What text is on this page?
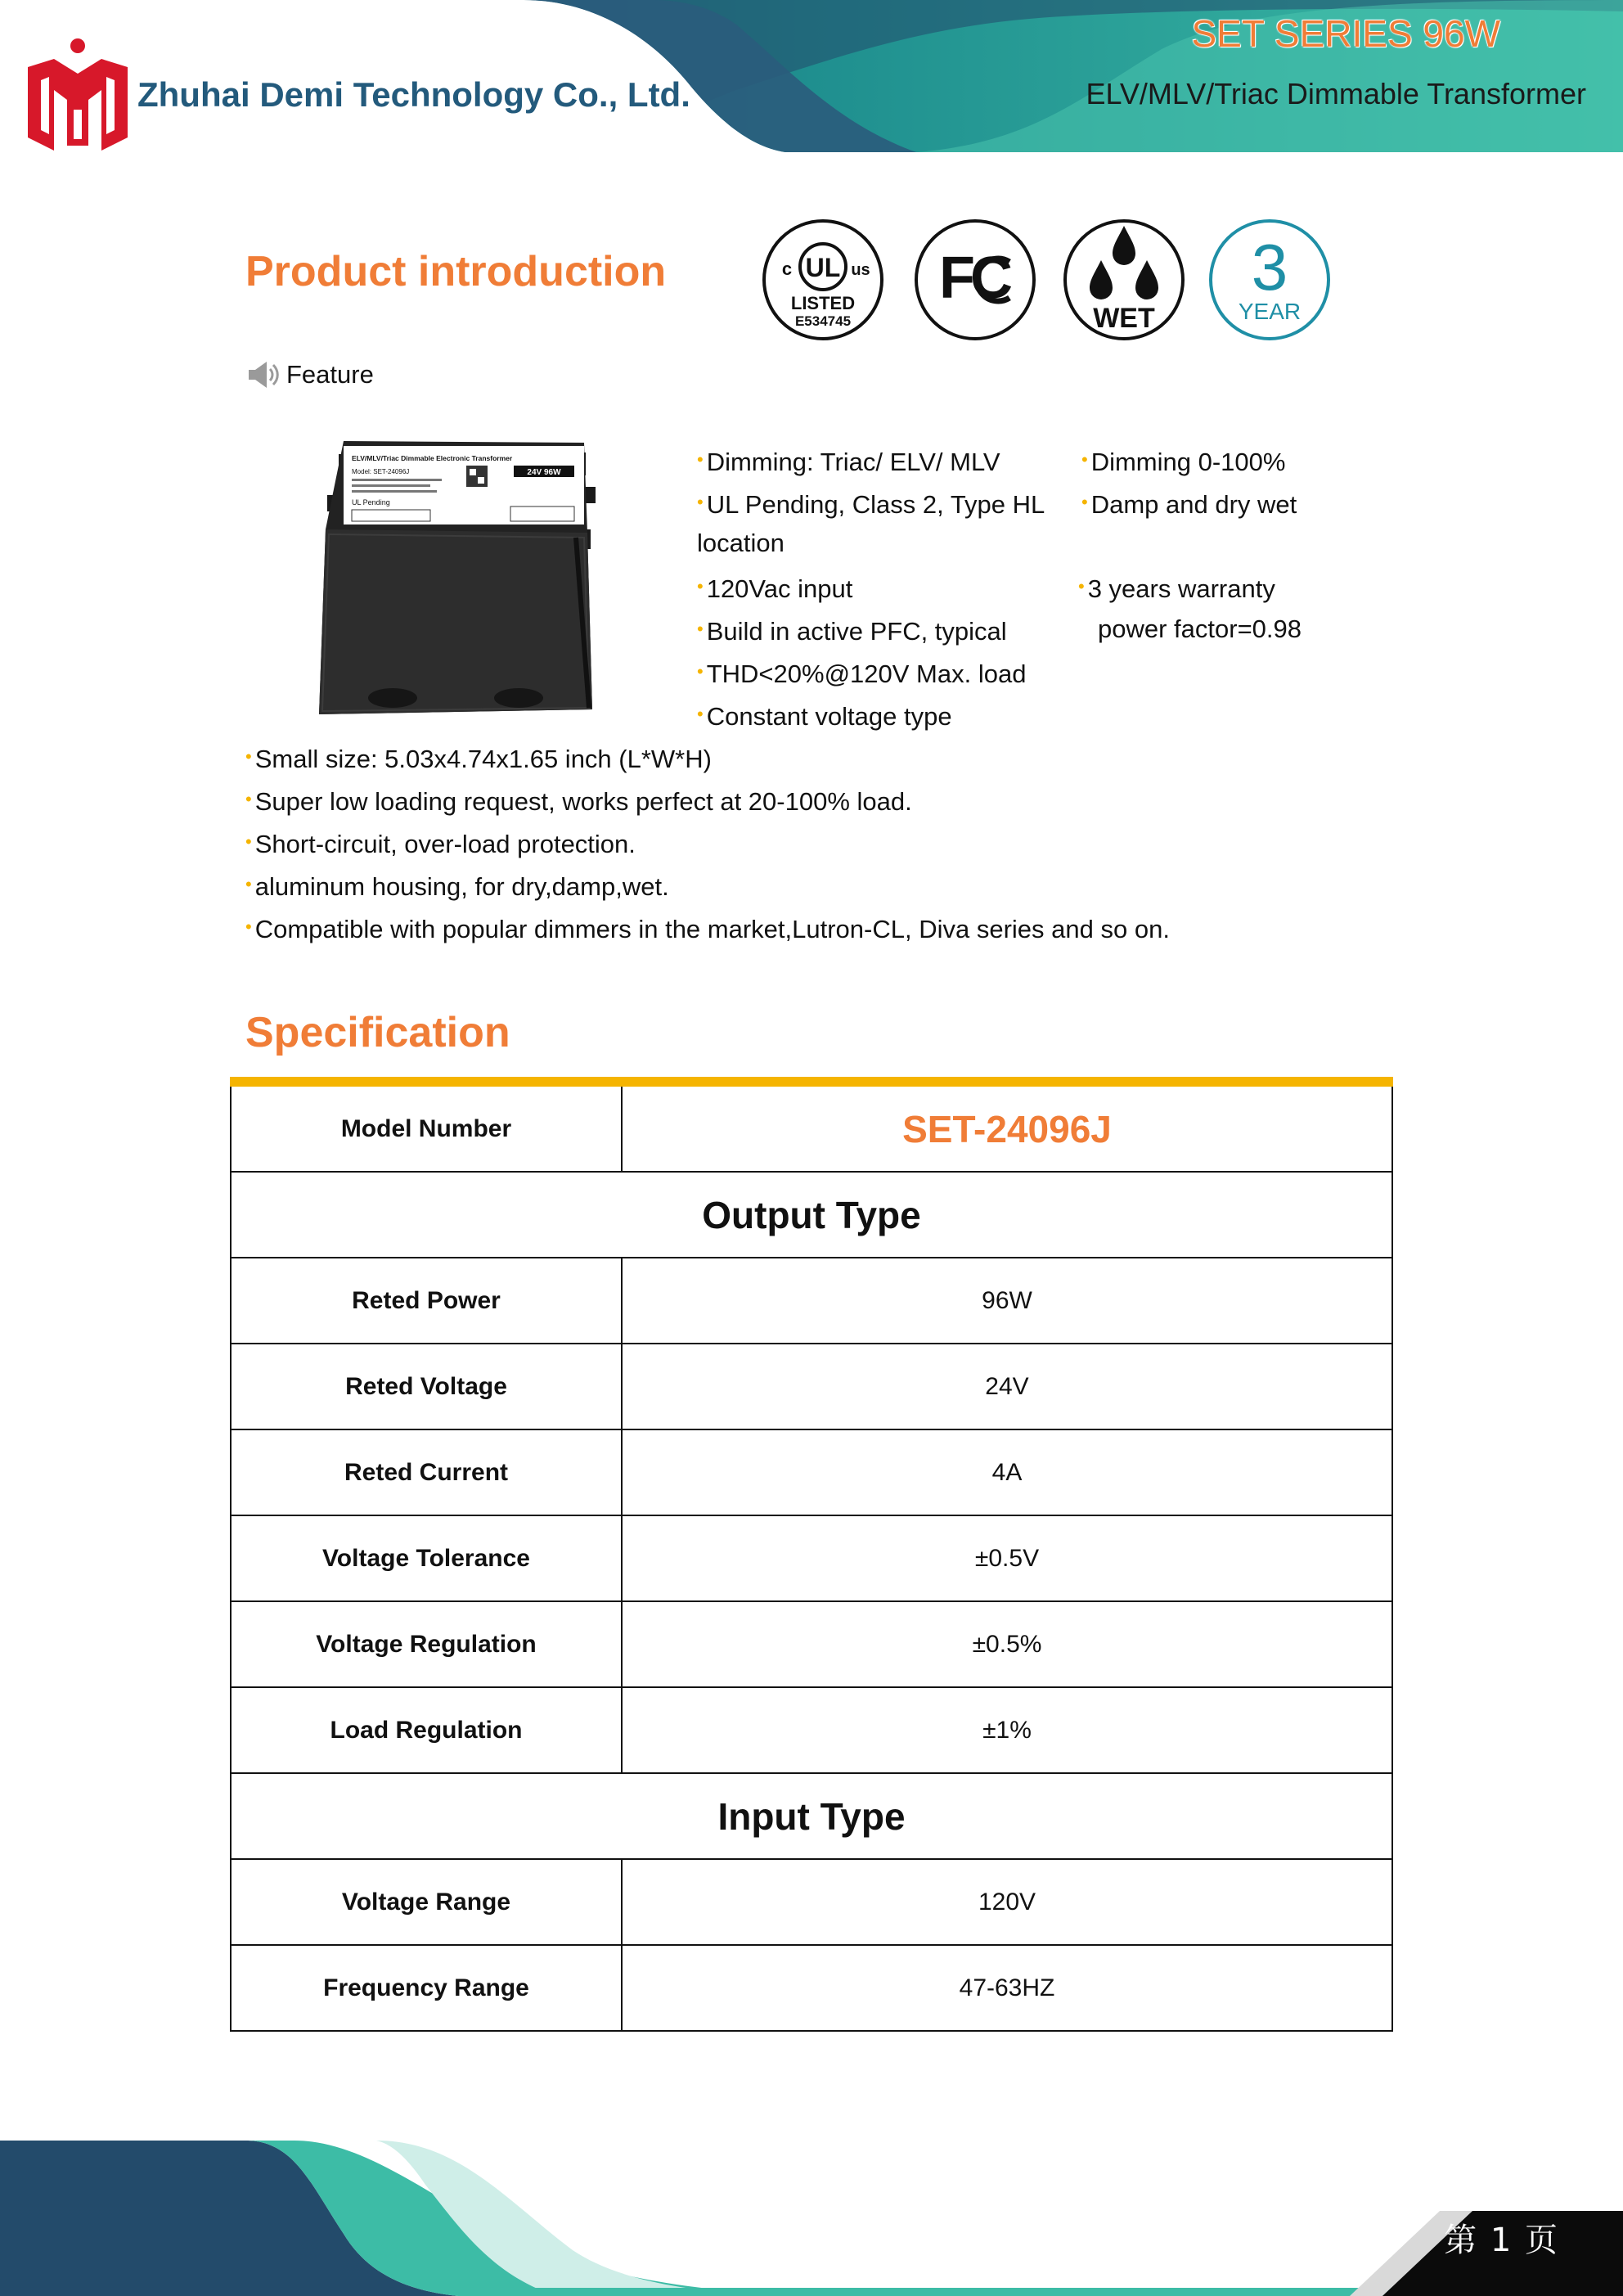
Zhuhai Demi Technology Co., Ltd.
SET SERIES 96W
ELV/MLV/Triac Dimmable Transformer
Product introduction	UL
c	us
LISTED
E534745
FC
WET
3
YEAR
Feature
ELV/MLV/Triac Dimmable Electronic Transformer
24V 96W
Model: SET-24096J
UL Pending
• Dimming: Triac/ ELV/ MLV
• UL Pending, Class 2, Type HL
location
• 120Vac input
• Build in active PFC, typical
• THD<20%@120V Max. load
• Constant voltage type
• Dimming 0-100%
• Damp and dry wet
• 3 years warranty
power factor=0.98
• Small size: 5.03x4.74x1.65 inch (L*W*H)
• Super low loading request, works perfect at 20-100% load.
• Short-circuit, over-load protection.
• aluminum housing, for dry,damp,wet.
• Compatible with popular dimmers in the market,Lutron-CL, Diva series and so on.
Specification
Model Number	SET-24096J
Output Type	
Reted Power	96W
Reted Voltage	24V
Reted Current	4A
Voltage Tolerance	±0.5V
Voltage Regulation	±0.5%
Load Regulation	±1%
Input Type	
Voltage Range	120V
Frequency Range	47-63HZ
第 1 页
